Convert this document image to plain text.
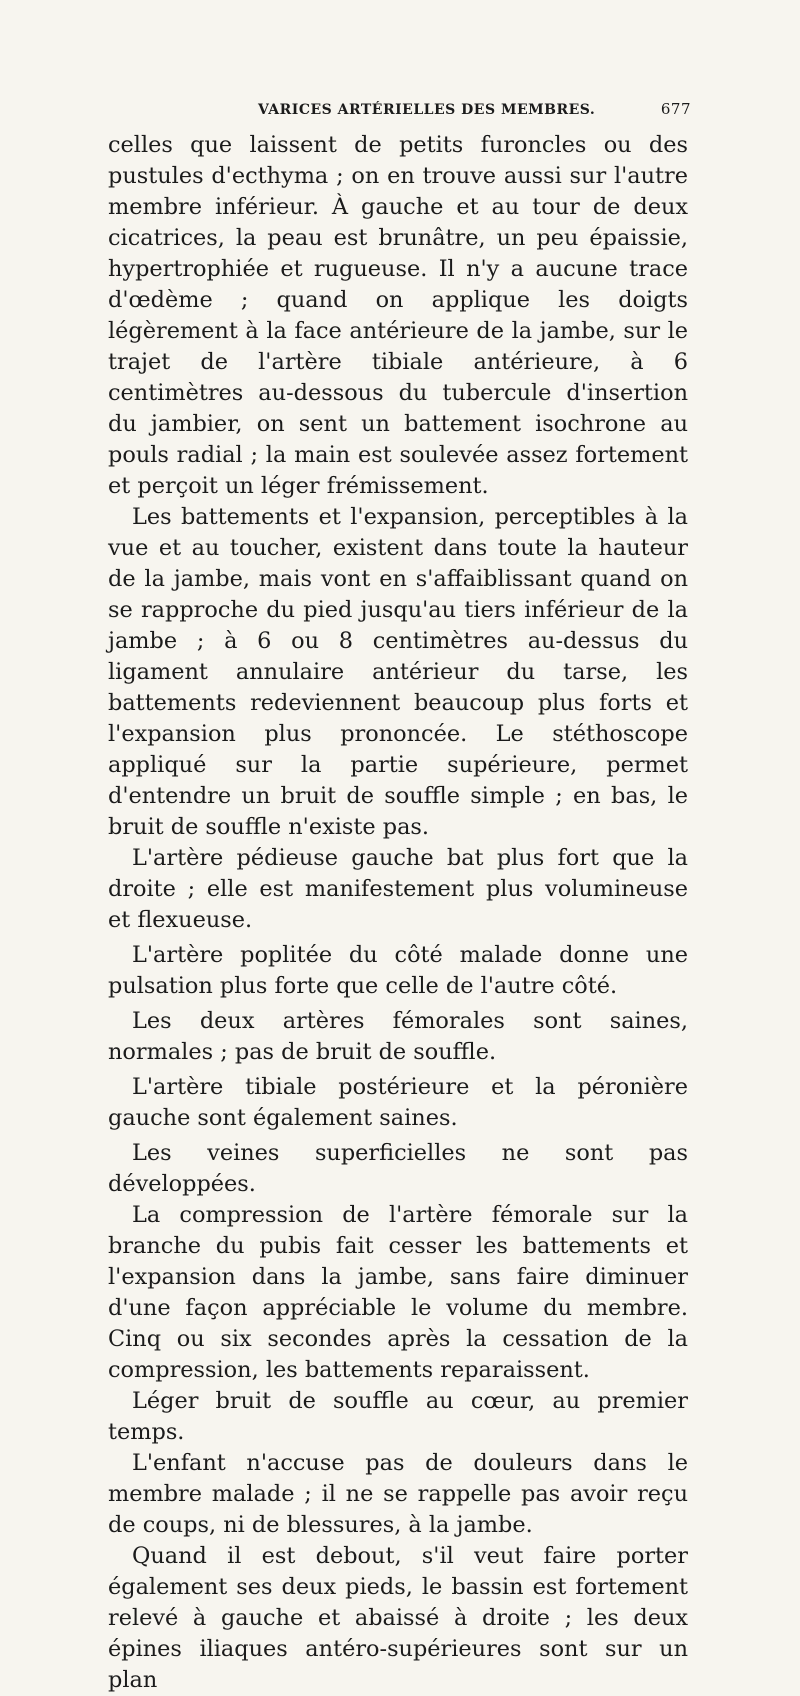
VARICES ARTÉRIELLES DES MEMBRES.	677

celles que laissent de petits furoncles ou des pustules d'ecthyma ; on en trouve aussi sur l'autre membre inférieur. À gauche et au tour de deux cicatrices, la peau est brunâtre, un peu épaissie, hypertrophiée et rugueuse. Il n'y a aucune trace d'œdème ; quand on applique les doigts légèrement à la face antérieure de la jambe, sur le trajet de l'artère tibiale antérieure, à 6 centimètres au-dessous du tubercule d'insertion du jambier, on sent un battement isochrone au pouls radial ; la main est soulevée assez fortement et perçoit un léger frémissement.

Les battements et l'expansion, perceptibles à la vue et au toucher, existent dans toute la hauteur de la jambe, mais vont en s'affaiblissant quand on se rapproche du pied jusqu'au tiers inférieur de la jambe ; à 6 ou 8 centimètres au-dessus du ligament annulaire antérieur du tarse, les battements redeviennent beaucoup plus forts et l'expansion plus prononcée. Le stéthoscope appliqué sur la partie supérieure, permet d'entendre un bruit de souffle simple ; en bas, le bruit de souffle n'existe pas.

L'artère pédieuse gauche bat plus fort que la droite ; elle est manifestement plus volumineuse et flexueuse.

L'artère poplitée du côté malade donne une pulsation plus forte que celle de l'autre côté.

Les deux artères fémorales sont saines, normales ; pas de bruit de souffle.

L'artère tibiale postérieure et la péronière gauche sont également saines.

Les veines superficielles ne sont pas développées.

La compression de l'artère fémorale sur la branche du pubis fait cesser les battements et l'expansion dans la jambe, sans faire diminuer d'une façon appréciable le volume du membre. Cinq ou six secondes après la cessation de la compression, les battements reparaissent.

Léger bruit de souffle au cœur, au premier temps.

L'enfant n'accuse pas de douleurs dans le membre malade ; il ne se rappelle pas avoir reçu de coups, ni de blessures, à la jambe.

Quand il est debout, s'il veut faire porter également ses deux pieds, le bassin est fortement relevé à gauche et abaissé à droite ; les deux épines iliaques antéro-supérieures sont sur un plan
